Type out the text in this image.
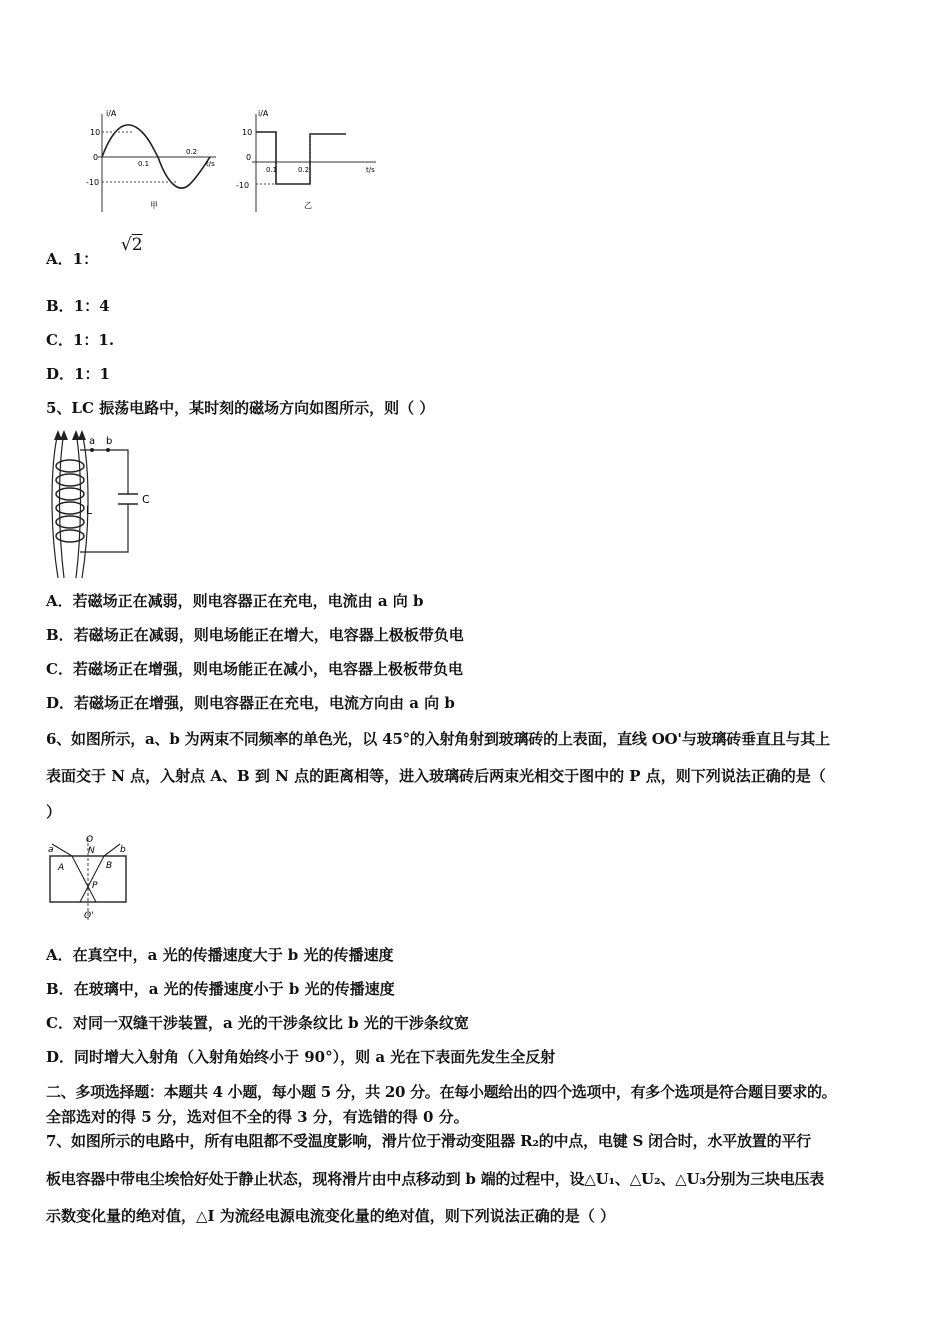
i/A
t/s
10
0
-10
0.1
0.2
甲
i/A
t/s
10
0
-10
0.1	0.2
乙
A．1： √2
B．1：4
C．1：1.
D．1：1
5、LC 振荡电路中，某时刻的磁场方向如图所示，则（ ）
a b
L
C
A．若磁场正在减弱，则电容器正在充电，电流由 a 向 b
B．若磁场正在减弱，则电场能正在增大，电容器上极板带负电
C．若磁场正在增强，则电场能正在减小，电容器上极板带负电
D．若磁场正在增强，则电容器正在充电，电流方向由 a 向 b
6、如图所示，a、b 为两束不同频率的单色光，以 45°的入射角射到玻璃砖的上表面，直线 OO'与玻璃砖垂直且与其上
表面交于 N 点，入射点 A、B 到 N 点的距离相等，进入玻璃砖后两束光相交于图中的 P 点，则下列说法正确的是（
）
O
N
a	b
A	B
P
O'
A．在真空中，a 光的传播速度大于 b 光的传播速度
B．在玻璃中，a 光的传播速度小于 b 光的传播速度
C．对同一双缝干涉装置，a 光的干涉条纹比 b 光的干涉条纹宽
D．同时增大入射角（入射角始终小于 90°），则 a 光在下表面先发生全反射
二、多项选择题：本题共 4 小题，每小题 5 分，共 20 分。在每小题给出的四个选项中，有多个选项是符合题目要求的。
全部选对的得 5 分，选对但不全的得 3 分，有选错的得 0 分。
7、如图所示的电路中，所有电阻都不受温度影响，滑片位于滑动变阻器 R₂的中点，电键 S 闭合时，水平放置的平行
板电容器中带电尘埃恰好处于静止状态，现将滑片由中点移动到 b 端的过程中，设△U₁、△U₂、△U₃分别为三块电压表
示数变化量的绝对值，△I 为流经电源电流变化量的绝对值，则下列说法正确的是（ ）
